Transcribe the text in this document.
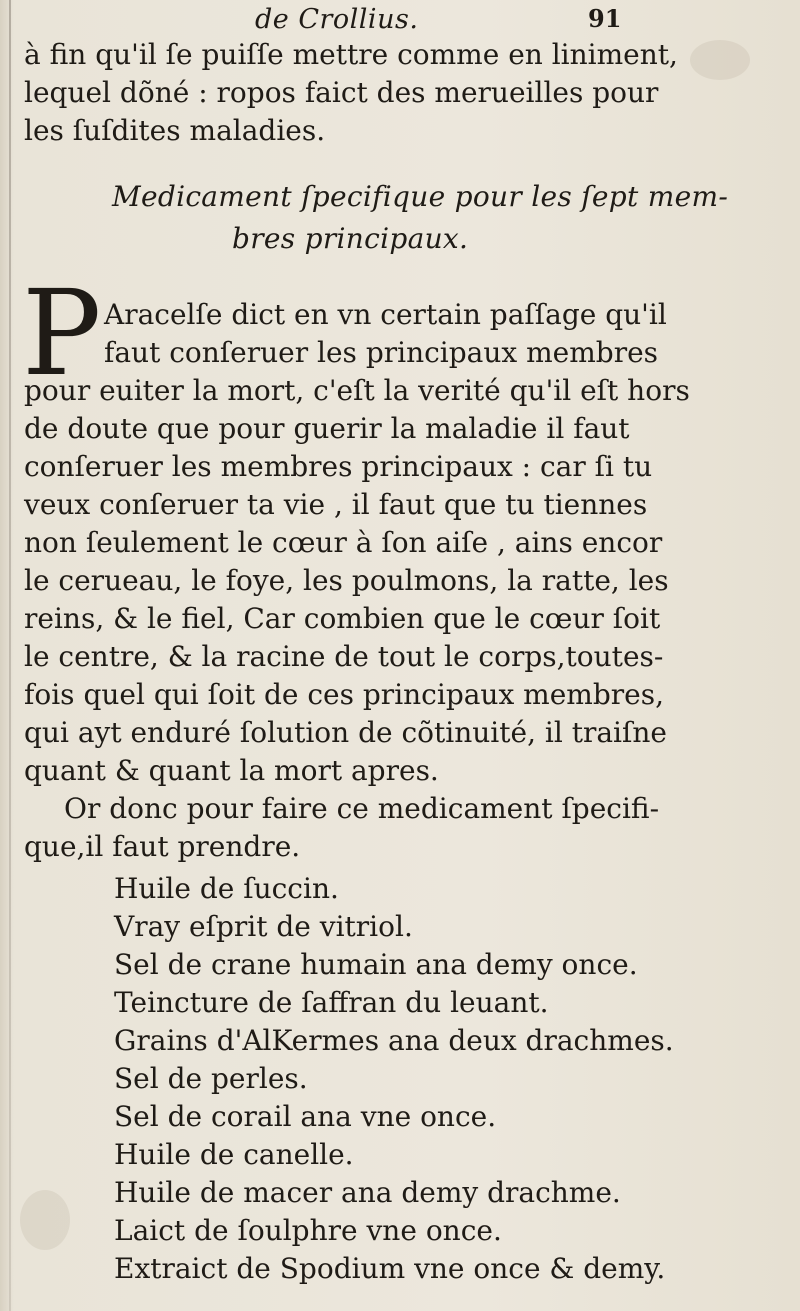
de Crollius.	91
à fin qu'il ſe puiſſe mettre comme en liniment,
lequel dõné : ropos faict des merueilles pour
les ſuſdites maladies.
Medicament ſpecifique pour les ſept mem-
bres principaux.
P Aracelſe dict en vn certain paſſage qu'il
faut conſeruer les principaux membres
pour euiter la mort, c'eſt la verité qu'il eſt hors
de doute que pour guerir la maladie il faut
conſeruer les membres principaux : car ſi tu
veux conſeruer ta vie , il faut que tu tiennes
non ſeulement le cœur à ſon aiſe , ains encor
le cerueau, le foye, les poulmons, la ratte, les
reins, & le fiel, Car combien que le cœur ſoit
le centre, & la racine de tout le corps,toutes-
fois quel qui ſoit de ces principaux membres,
qui ayt enduré ſolution de cõtinuité, il traiſne
quant & quant la mort apres.
Or donc pour faire ce medicament ſpecifi-
que,il faut prendre.
Huile de ſuccin.
Vray eſprit de vitriol.
Sel de crane humain ana demy once.
Teincture de ſaffran du leuant.
Grains d'AlKermes ana deux drachmes.
Sel de perles.
Sel de corail ana vne once.
Huile de canelle.
Huile de macer ana demy drachme.
Laict de ſoulphre vne once.
Extraict de Spodium vne once & demy.
